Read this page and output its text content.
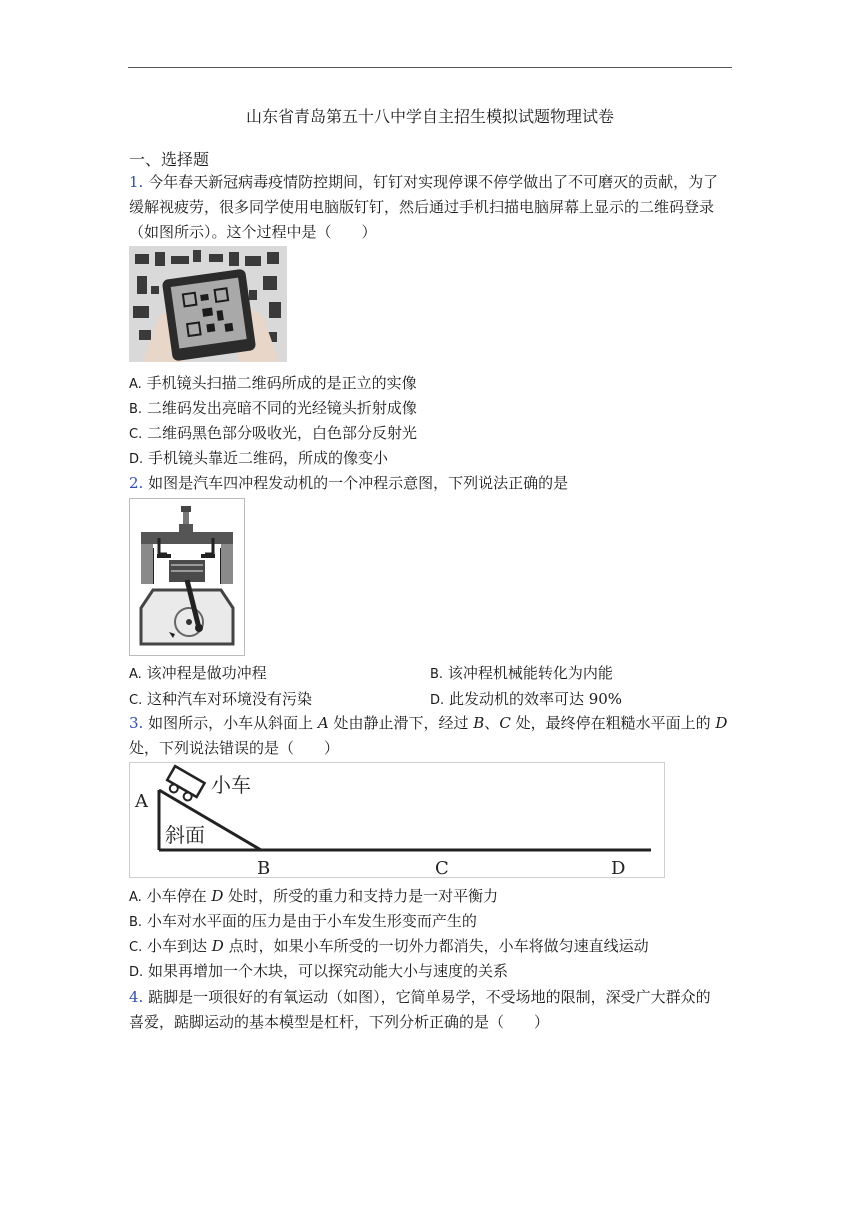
山东省青岛第五十八中学自主招生模拟试题物理试卷
一、选择题
1. 今年春天新冠病毒疫情防控期间，钉钉对实现停课不停学做出了不可磨灭的贡献，为了
缓解视疲劳，很多同学使用电脑版钉钉，然后通过手机扫描电脑屏幕上显示的二维码登录
（如图所示）。这个过程中是（　　）
A. 手机镜头扫描二维码所成的是正立的实像
B. 二维码发出亮暗不同的光经镜头折射成像
C. 二维码黑色部分吸收光，白色部分反射光
D. 手机镜头靠近二维码，所成的像变小
2. 如图是汽车四冲程发动机的一个冲程示意图，下列说法正确的是
A. 该冲程是做功冲程	B. 该冲程机械能转化为内能
C. 这种汽车对环境没有污染	D. 此发动机的效率可达 90%
3. 如图所示，小车从斜面上 A 处由静止滑下，经过 B、C 处，最终停在粗糙水平面上的 D
处，下列说法错误的是（　　）
A
小车
斜面
B	C	D
A. 小车停在 D 处时，所受的重力和支持力是一对平衡力
B. 小车对水平面的压力是由于小车发生形变而产生的
C. 小车到达 D 点时，如果小车所受的一切外力都消失，小车将做匀速直线运动
D. 如果再增加一个木块，可以探究动能大小与速度的关系
4. 踮脚是一项很好的有氧运动（如图），它简单易学，不受场地的限制，深受广大群众的
喜爱，踮脚运动的基本模型是杠杆，下列分析正确的是（　　）
